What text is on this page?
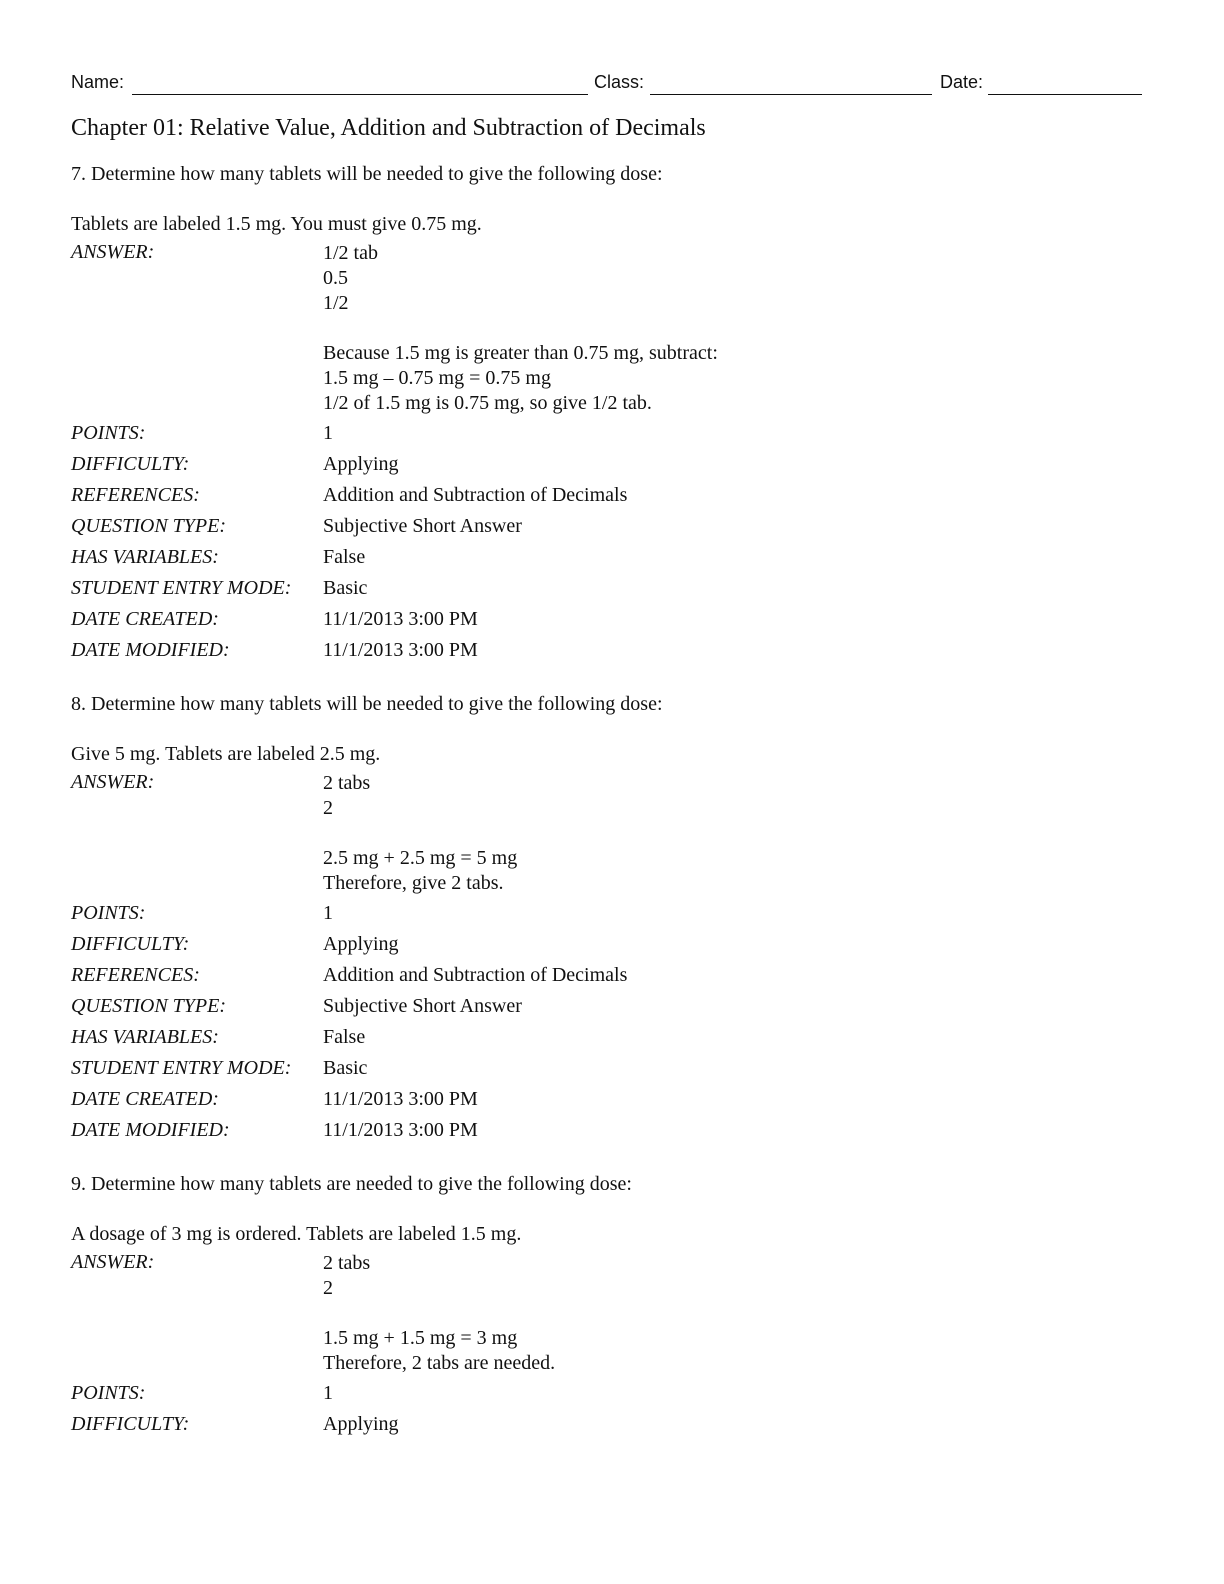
Name:	Class:	Date:
Chapter 01: Relative Value, Addition and Subtraction of Decimals
7. Determine how many tablets will be needed to give the following dose:
Tablets are labeled 1.5 mg. You must give 0.75 mg.
ANSWER:	1/2 tab
0.5
1/2
Because 1.5 mg is greater than 0.75 mg, subtract:
1.5 mg – 0.75 mg = 0.75 mg
1/2 of 1.5 mg is 0.75 mg, so give 1/2 tab.
POINTS:	1
DIFFICULTY:	Applying
REFERENCES:	Addition and Subtraction of Decimals
QUESTION TYPE:	Subjective Short Answer
HAS VARIABLES:	False
STUDENT ENTRY MODE: Basic
DATE CREATED:	11/1/2013 3:00 PM
DATE MODIFIED:	11/1/2013 3:00 PM
8. Determine how many tablets will be needed to give the following dose:
Give 5 mg. Tablets are labeled 2.5 mg.
ANSWER:	2 tabs
2
2.5 mg + 2.5 mg = 5 mg
Therefore, give 2 tabs.
POINTS:	1
DIFFICULTY:	Applying
REFERENCES:	Addition and Subtraction of Decimals
QUESTION TYPE:	Subjective Short Answer
HAS VARIABLES:	False
STUDENT ENTRY MODE: Basic
DATE CREATED:	11/1/2013 3:00 PM
DATE MODIFIED:	11/1/2013 3:00 PM
9. Determine how many tablets are needed to give the following dose:
A dosage of 3 mg is ordered. Tablets are labeled 1.5 mg.
ANSWER:	2 tabs
2
1.5 mg + 1.5 mg = 3 mg
Therefore, 2 tabs are needed.
POINTS:	1
DIFFICULTY:	Applying
